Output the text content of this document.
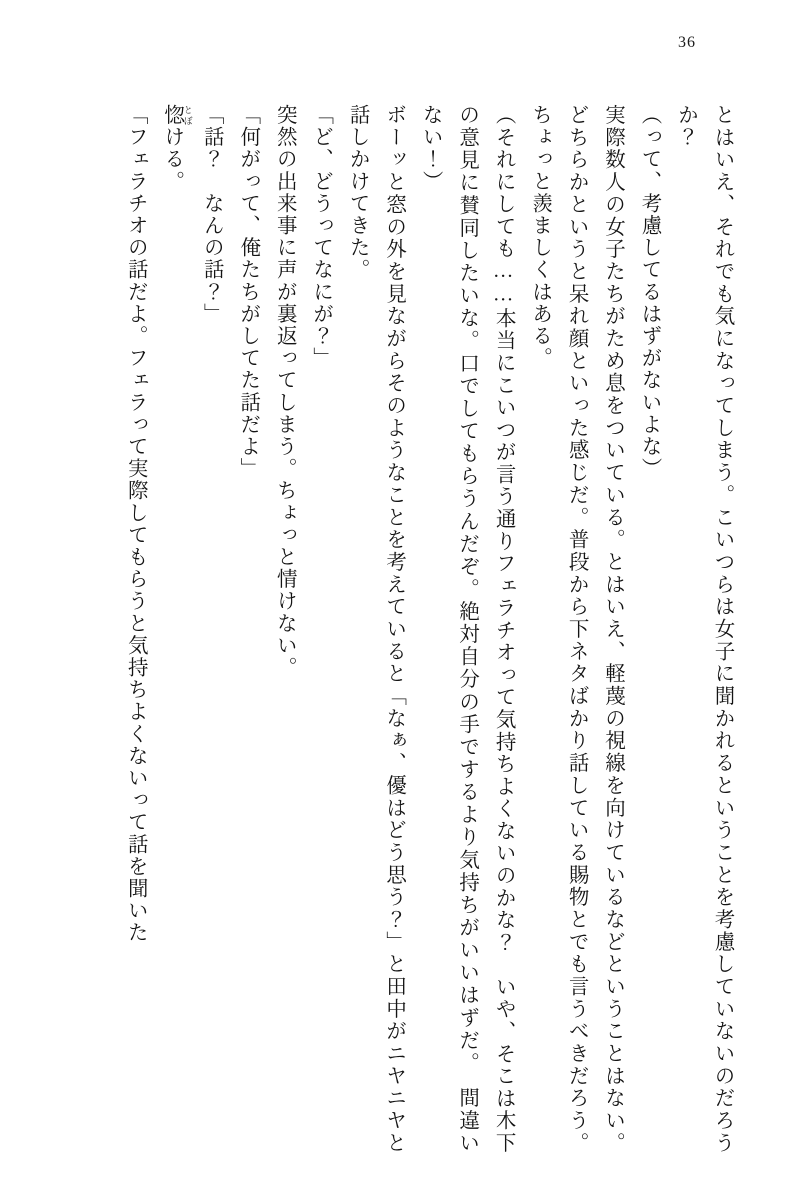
36

とはいえ、それでも気になってしまう。こいつらは女子に聞かれるということを考慮していないのだろうか？

（って、考慮してるはずがないよな）

実際数人の女子たちがため息をついている。とはいえ、軽蔑の視線を向けているなどということはない。どちらかというと呆れ顔といった感じだ。普段から下ネタばかり話している賜物とでも言うべきだろう。ちょっと羨ましくはある。

（それにしても……本当にこいつが言う通りフェラチオって気持ちよくないのかな？　いや、そこは木下の意見に賛同したいな。口でしてもらうんだぞ。絶対自分の手でするより気持ちがいいはずだ。　間違いない！）

ボーッと窓の外を見ながらそのようなことを考えていると「なぁ、優はどう思う？」と田中がニヤニヤと話しかけてきた。

「ど、どうってなにが？」

突然の出来事に声が裏返ってしまう。ちょっと情けない。

「何がって、俺たちがしてた話だよ」

「話？　なんの話？」

惚 とぼける。

「フェラチオの話だよ。フェラって実際してもらうと気持ちよくないって話を聞いた
